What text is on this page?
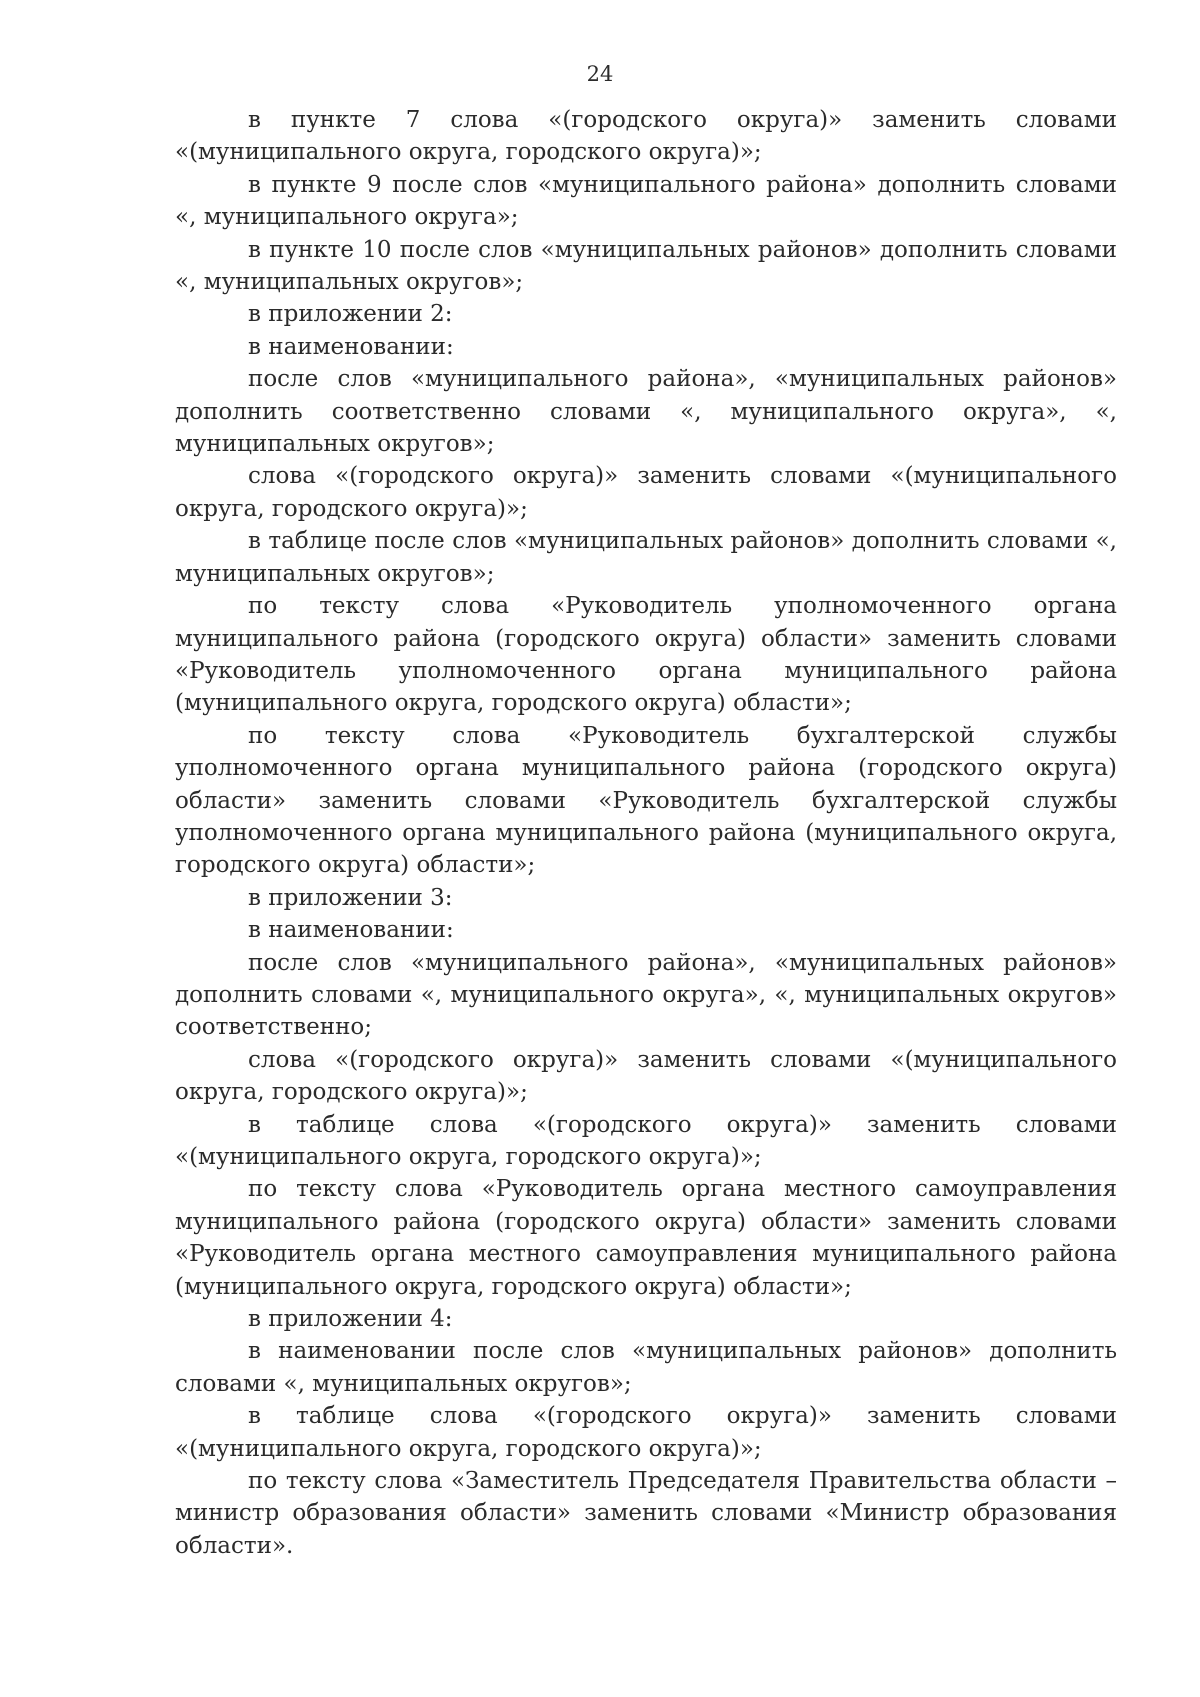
24

в пункте 7 слова «(городского округа)» заменить словами «(муниципального округа, городского округа)»;

в пункте 9 после слов «муниципального района» дополнить словами «, муниципального округа»;

в пункте 10 после слов «муниципальных районов» дополнить словами «, муниципальных округов»;

в приложении 2:

в наименовании:

после слов «муниципального района», «муниципальных районов» дополнить соответственно словами «, муниципального округа», «, муниципальных округов»;

слова «(городского округа)» заменить словами «(муниципального округа, городского округа)»;

в таблице после слов «муниципальных районов» дополнить словами «, муниципальных округов»;

по тексту слова «Руководитель уполномоченного органа муниципального района (городского округа) области» заменить словами «Руководитель уполномоченного органа муниципального района (муниципального округа, городского округа) области»;

по тексту слова «Руководитель бухгалтерской службы уполномоченного органа муниципального района (городского округа) области» заменить словами «Руководитель бухгалтерской службы уполномоченного органа муниципального района (муниципального округа, городского округа) области»;

в приложении 3:

в наименовании:

после слов «муниципального района», «муниципальных районов» дополнить словами «, муниципального округа», «, муниципальных округов» соответственно;

слова «(городского округа)» заменить словами «(муниципального округа, городского округа)»;

в таблице слова «(городского округа)» заменить словами «(муниципального округа, городского округа)»;

по тексту слова «Руководитель органа местного самоуправления муниципального района (городского округа) области» заменить словами «Руководитель органа местного самоуправления муниципального района (муниципального округа, городского округа) области»;

в приложении 4:

в наименовании после слов «муниципальных районов» дополнить словами «, муниципальных округов»;

в таблице слова «(городского округа)» заменить словами «(муниципального округа, городского округа)»;

по тексту слова «Заместитель Председателя Правительства области – министр образования области» заменить словами «Министр образования области».
